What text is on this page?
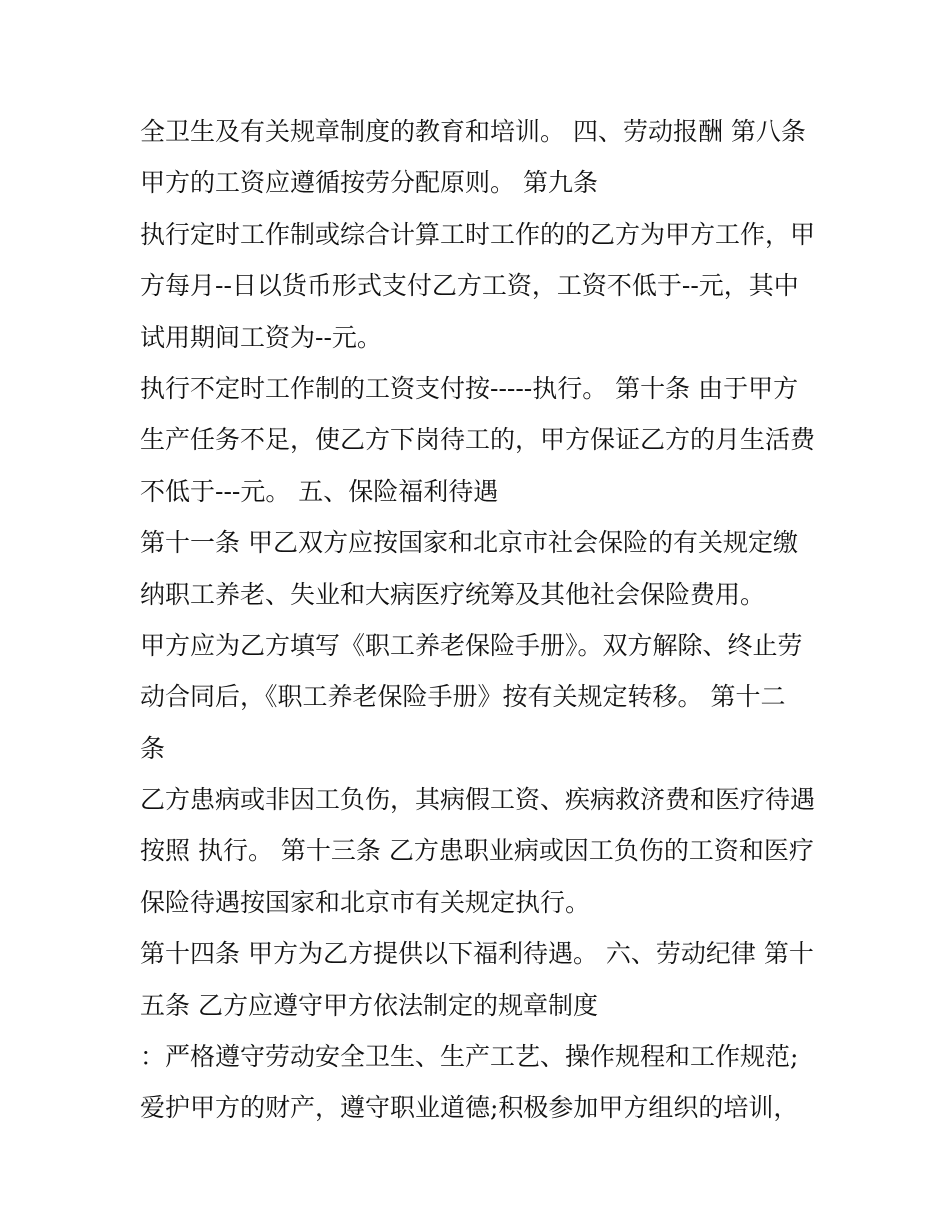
全卫生及有关规章制度的教育和培训。 四、劳动报酬 第八条
甲方的工资应遵循按劳分配原则。 第九条
执行定时工作制或综合计算工时工作的的乙方为甲方工作，甲
方每月--日以货币形式支付乙方工资，工资不低于--元，其中
试用期间工资为--元。
执行不定时工作制的工资支付按-----执行。 第十条 由于甲方
生产任务不足，使乙方下岗待工的，甲方保证乙方的月生活费
不低于---元。 五、保险福利待遇
第十一条 甲乙双方应按国家和北京市社会保险的有关规定缴
纳职工养老、失业和大病医疗统筹及其他社会保险费用。
甲方应为乙方填写《职工养老保险手册》。双方解除、终止劳
动合同后，《职工养老保险手册》按有关规定转移。 第十二
条
乙方患病或非因工负伤，其病假工资、疾病救济费和医疗待遇
按照 执行。 第十三条 乙方患职业病或因工负伤的工资和医疗
保险待遇按国家和北京市有关规定执行。
第十四条 甲方为乙方提供以下福利待遇。 六、劳动纪律 第十
五条 乙方应遵守甲方依法制定的规章制度
：严格遵守劳动安全卫生、生产工艺、操作规程和工作规范;
爱护甲方的财产，遵守职业道德;积极参加甲方组织的培训，
